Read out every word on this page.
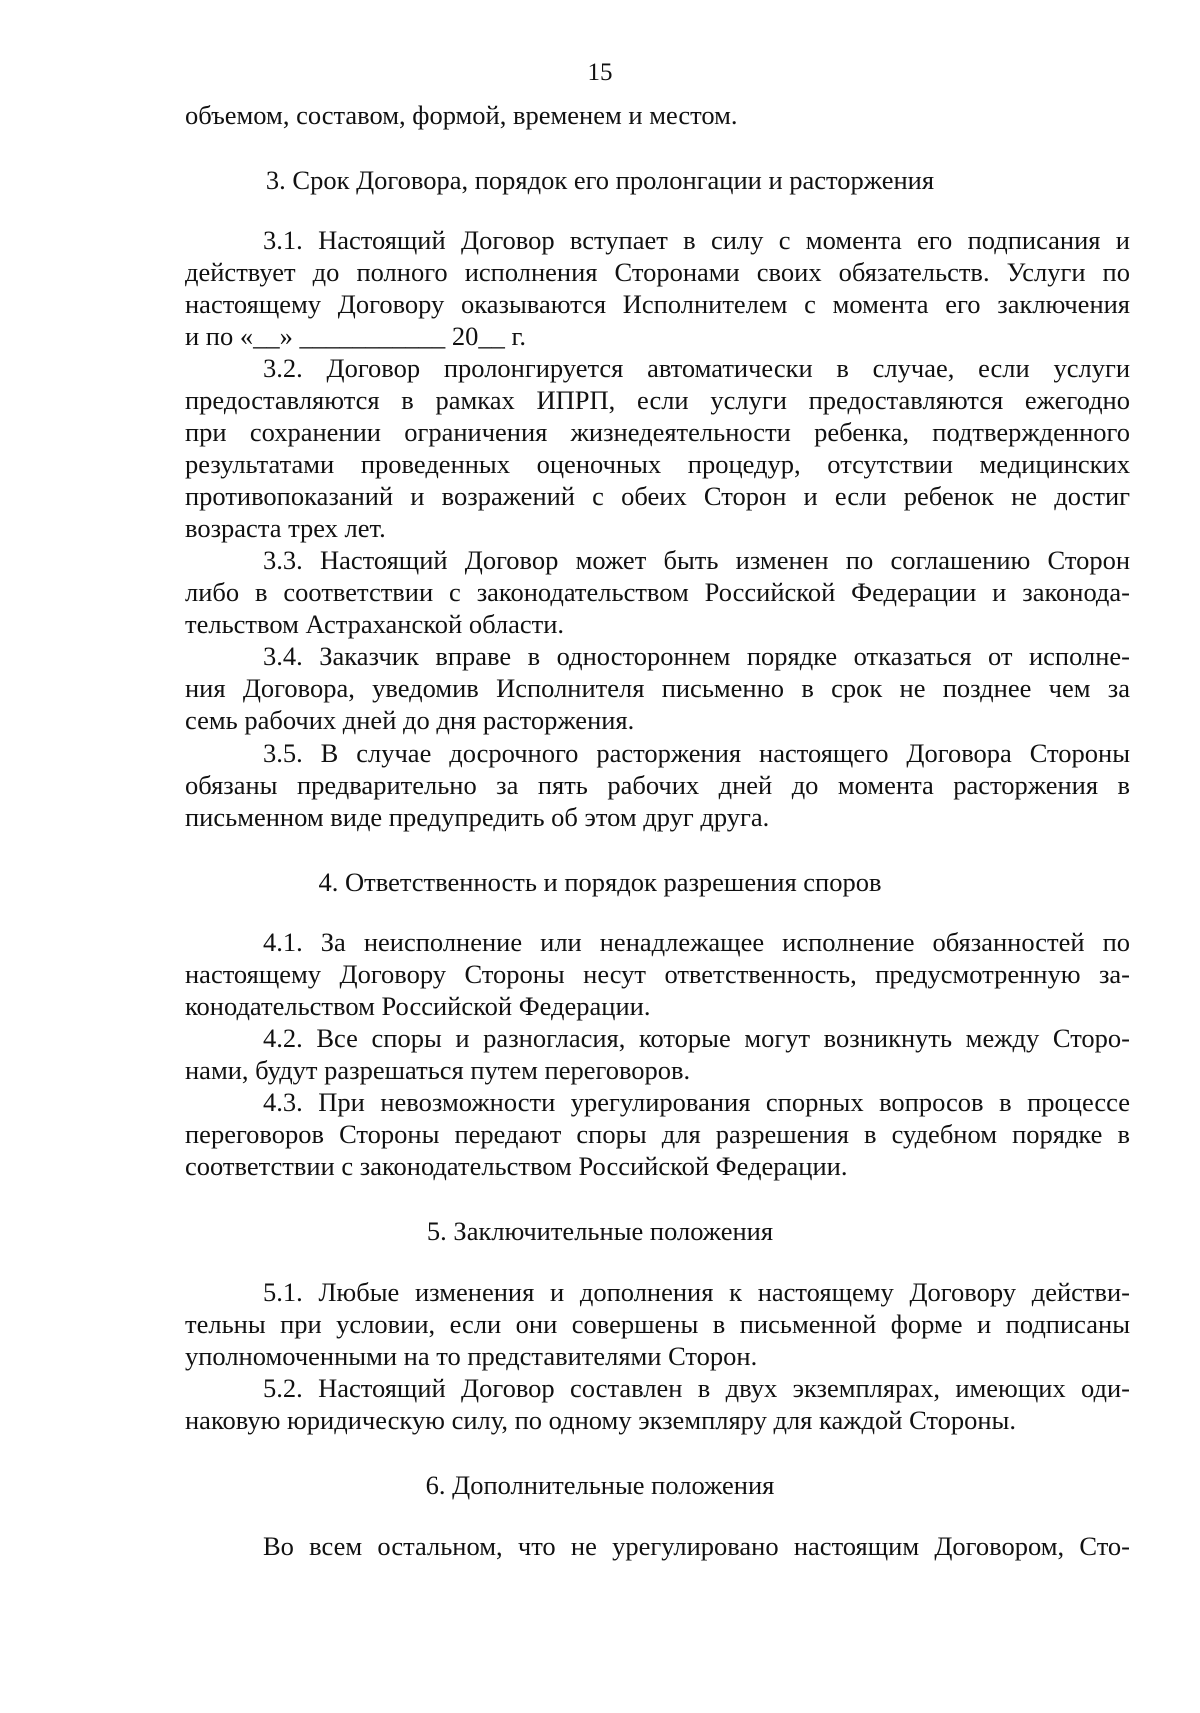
15
объемом, составом, формой, временем и местом.
3. Срок Договора, порядок его пролонгации и расторжения
3.1. Настоящий Договор вступает в силу с момента его подписания и
действует до полного исполнения Сторонами своих обязательств. Услуги по
настоящему Договору оказываются Исполнителем с момента его заключения
и по «__» ___________ 20__ г.
3.2. Договор пролонгируется автоматически в случае, если услуги
предоставляются в рамках ИПРП, если услуги предоставляются ежегодно
при сохранении ограничения жизнедеятельности ребенка, подтвержденного
результатами проведенных оценочных процедур, отсутствии медицинских
противопоказаний и возражений с обеих Сторон и если ребенок не достиг
возраста трех лет.
3.3. Настоящий Договор может быть изменен по соглашению Сторон
либо в соответствии с законодательством Российской Федерации и законода-
тельством Астраханской области.
3.4. Заказчик вправе в одностороннем порядке отказаться от исполне-
ния Договора, уведомив Исполнителя письменно в срок не позднее чем за
семь рабочих дней до дня расторжения.
3.5. В случае досрочного расторжения настоящего Договора Стороны
обязаны предварительно за пять рабочих дней до момента расторжения в
письменном виде предупредить об этом друг друга.
4. Ответственность и порядок разрешения споров
4.1. За неисполнение или ненадлежащее исполнение обязанностей по
настоящему Договору Стороны несут ответственность, предусмотренную за-
конодательством Российской Федерации.
4.2. Все споры и разногласия, которые могут возникнуть между Сторо-
нами, будут разрешаться путем переговоров.
4.3. При невозможности урегулирования спорных вопросов в процессе
переговоров Стороны передают споры для разрешения в судебном порядке в
соответствии с законодательством Российской Федерации.
5. Заключительные положения
5.1. Любые изменения и дополнения к настоящему Договору действи-
тельны при условии, если они совершены в письменной форме и подписаны
уполномоченными на то представителями Сторон.
5.2. Настоящий Договор составлен в двух экземплярах, имеющих оди-
наковую юридическую силу, по одному экземпляру для каждой Стороны.
6. Дополнительные положения
Во всем остальном, что не урегулировано настоящим Договором, Сто-
